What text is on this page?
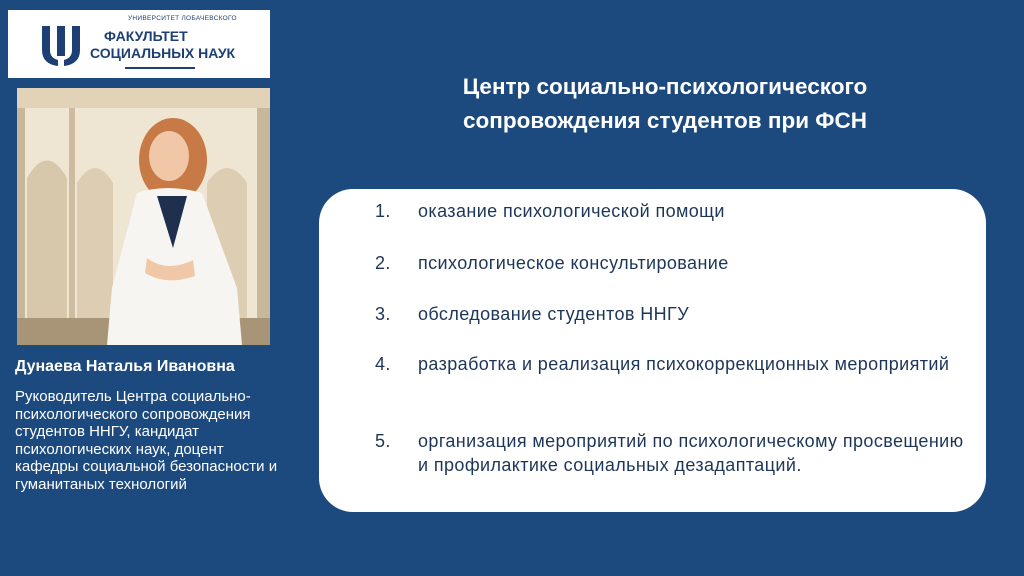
УНИВЕРСИТЕТ ЛОБАЧЕВСКОГО
ФАКУЛЬТЕТ
СОЦИАЛЬНЫХ НАУК
Дунаева Наталья Ивановна
Руководитель Центра социально-психологического сопровождения студентов ННГУ, кандидат психологических наук, доцент кафедры социальной безопасности и гуманитаных технологий
Центр социально-психологического
сопровождения студентов при ФСН
1. оказание психологической помощи
2. психологическое консультирование
3. обследование студентов ННГУ
4. разработка и реализация психокоррекционных мероприятий
5. организация мероприятий по психологическому просвещению и профилактике социальных дезадаптаций.
